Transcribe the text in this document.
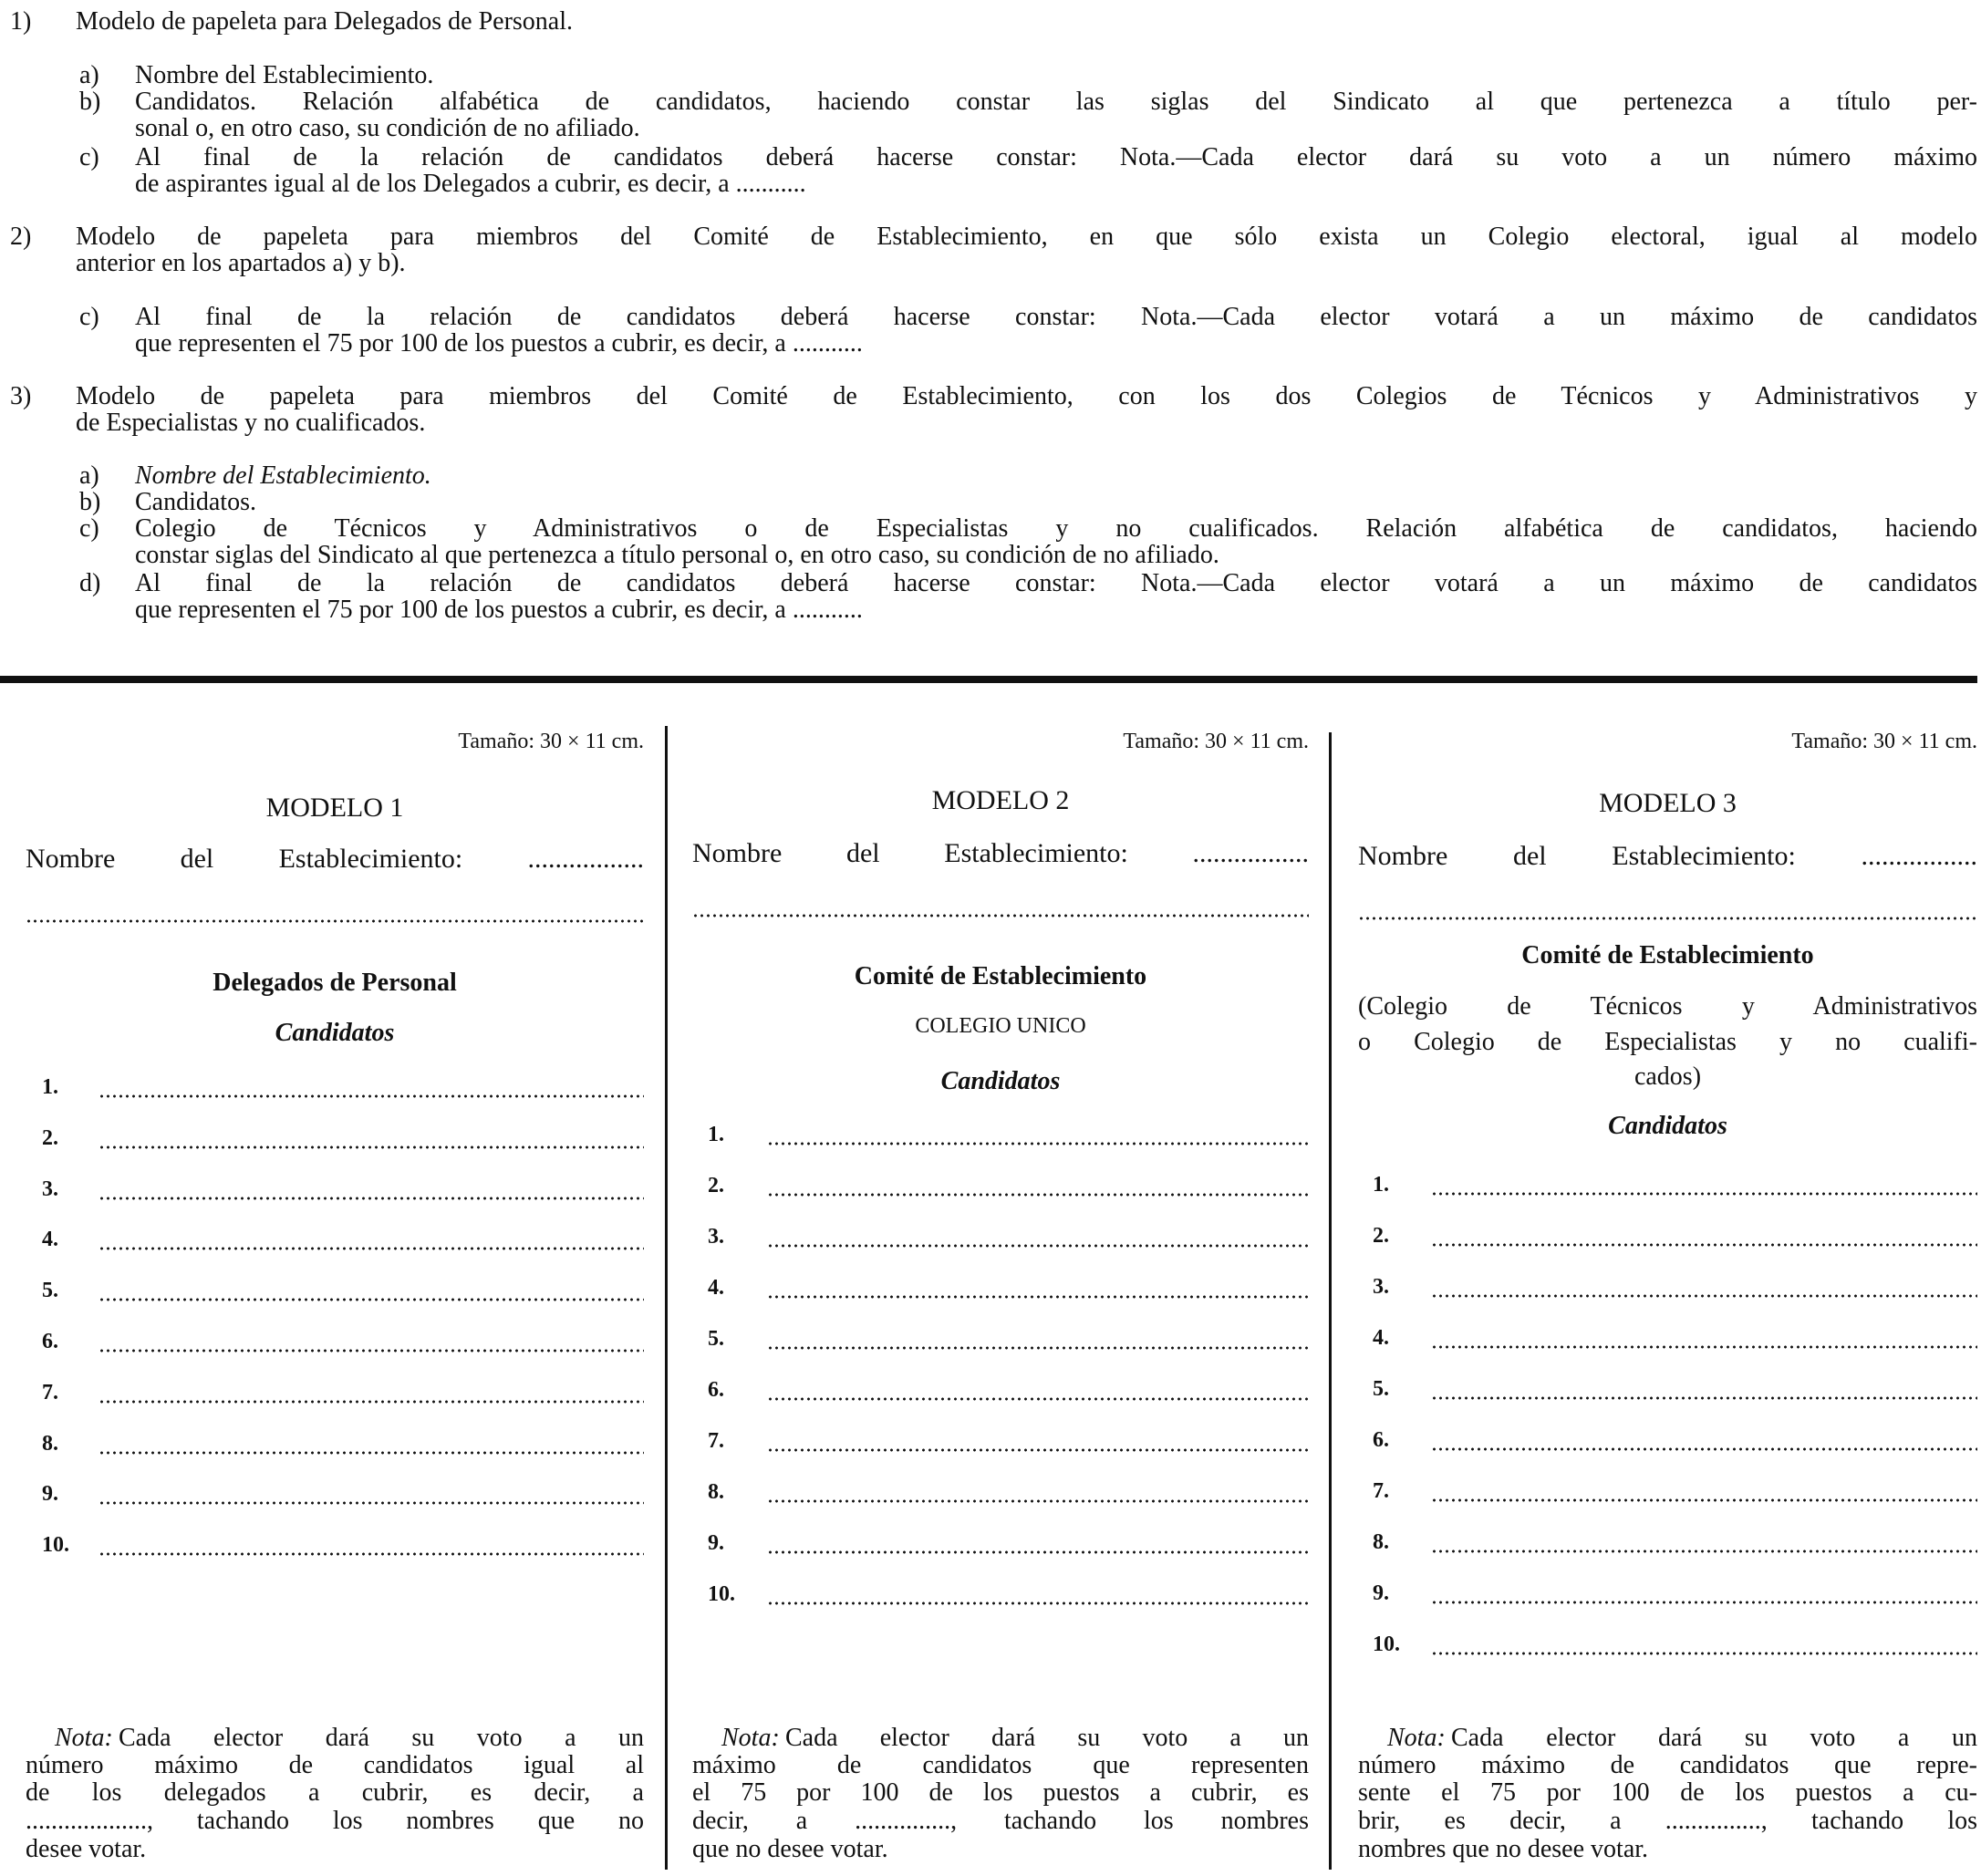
1)	Modelo de papeleta para Delegados de Personal.
a)	Nombre del Establecimiento.
b)	Candidatos. Relación alfabética de candidatos, haciendo constar las siglas del Sindicato al que pertenezca a título per-
sonal o, en otro caso, su condición de no afiliado.
c)	Al final de la relación de candidatos deberá hacerse constar: Nota.—Cada elector dará su voto a un número máximo
de aspirantes igual al de los Delegados a cubrir, es decir, a ...........
2)	Modelo de papeleta para miembros del Comité de Establecimiento, en que sólo exista un Colegio electoral, igual al modelo
anterior en los apartados a) y b).
c)	Al final de la relación de candidatos deberá hacerse constar: Nota.—Cada elector votará a un máximo de candidatos
que representen el 75 por 100 de los puestos a cubrir, es decir, a ...........
3)	Modelo de papeleta para miembros del Comité de Establecimiento, con los dos Colegios de Técnicos y Administrativos y
de Especialistas y no cualificados.
a)	Nombre del Establecimiento.
b)	Candidatos.
c)	Colegio de Técnicos y Administrativos o de Especialistas y no cualificados. Relación alfabética de candidatos, haciendo
constar siglas del Sindicato al que pertenezca a título personal o, en otro caso, su condición de no afiliado.
d)	Al final de la relación de candidatos deberá hacerse constar: Nota.—Cada elector votará a un máximo de candidatos
que representen el 75 por 100 de los puestos a cubrir, es decir, a ...........
Tamaño: 30 × 11 cm.
MODELO 1
Nombre del Establecimiento: .................
Delegados de Personal
Candidatos
1.
2.
3.
4.
5.
6.
7.
8.
9.
10.
Nota: Cada elector dará su voto a un
número máximo de candidatos igual al
de los delegados a cubrir, es decir, a
..................., tachando los nombres que no
desee votar.
Tamaño: 30 × 11 cm.
MODELO 2
Nombre del Establecimiento: .................
Comité de Establecimiento
COLEGIO UNICO
Candidatos
1.
2.
3.
4.
5.
6.
7.
8.
9.
10.
Nota: Cada elector dará su voto a un
máximo de candidatos que representen
el 75 por 100 de los puestos a cubrir, es
decir, a ..............., tachando los nombres
que no desee votar.
Tamaño: 30 × 11 cm.
MODELO 3
Nombre del Establecimiento: .................
Comité de Establecimiento
(Colegio de Técnicos y Administrativos
o Colegio de Especialistas y no cualifi-
cados)
Candidatos
1.
2.
3.
4.
5.
6.
7.
8.
9.
10.
Nota: Cada elector dará su voto a un
número máximo de candidatos que repre-
sente el 75 por 100 de los puestos a cu-
brir, es decir, a ..............., tachando los
nombres que no desee votar.
